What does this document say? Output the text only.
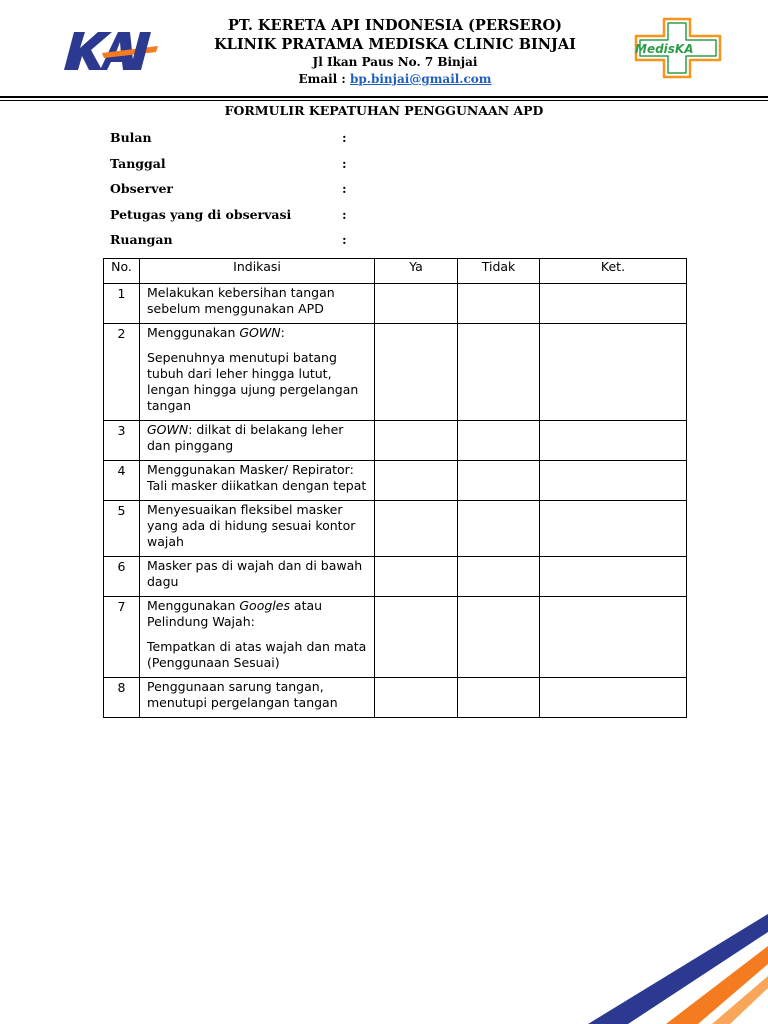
PT. KERETA API INDONESIA (PERSERO)
KLINIK PRATAMA MEDISKA CLINIC BINJAI
Jl Ikan Paus No. 7 Binjai
Email : bp.binjai@gmail.com
MedisKA
FORMULIR KEPATUHAN PENGGUNAAN APD
Bulan	:
Tanggal	:
Observer	:
Petugas yang di observasi	:
Ruangan	:
No.	Indikasi	Ya	Tidak	Ket.
1	Melakukan kebersihan tangan sebelum menggunakan APD			

2	Menggunakan GOWN:

Sepenuhnya menutupi batang tubuh dari leher hingga lutut, lengan hingga ujung pergelangan tangan			

3	GOWN: dilkat di belakang leher dan pinggang			

4	Menggunakan Masker/ Repirator: Tali masker diikatkan dengan tepat			

5	Menyesuaikan fleksibel masker yang ada di hidung sesuai kontor wajah			

6	Masker pas di wajah dan di bawah dagu			

7	Menggunakan Googles atau Pelindung Wajah:

Tempatkan di atas wajah dan mata (Penggunaan Sesuai)			

8	Penggunaan sarung tangan, menutupi pergelangan tangan			
